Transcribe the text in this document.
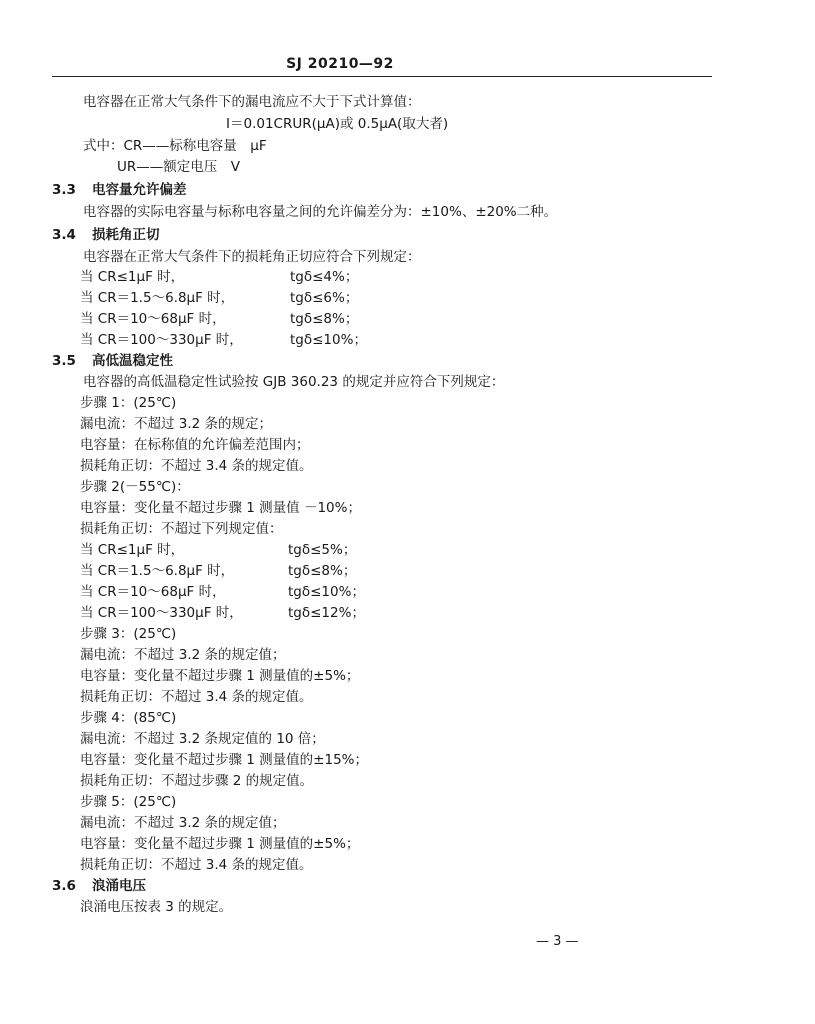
SJ 20210—92
电容器在正常大气条件下的漏电流应不大于下式计算值：
I＝0.01CRUR(μA)或 0.5μA(取大者)
式中：CR——标称电容量　μF
UR——额定电压　V
3.3 电容量允许偏差
电容器的实际电容量与标称电容量之间的允许偏差分为：±10%、±20%二种。
3.4 损耗角正切
电容器在正常大气条件下的损耗角正切应符合下列规定：
当 CR≤1μF 时，	tgδ≤4%；
当 CR＝1.5～6.8μF 时，	tgδ≤6%；
当 CR＝10～68μF 时，	tgδ≤8%；
当 CR＝100～330μF 时，	tgδ≤10%；
3.5 高低温稳定性
电容器的高低温稳定性试验按 GJB 360.23 的规定并应符合下列规定：
步骤 1：(25℃)
漏电流：不超过 3.2 条的规定；
电容量：在标称值的允许偏差范围内；
损耗角正切：不超过 3.4 条的规定值。
步骤 2(－55℃)：
电容量：变化量不超过步骤 1 测量值 －10%；
损耗角正切：不超过下列规定值：
当 CR≤1μF 时，	tgδ≤5%；
当 CR＝1.5～6.8μF 时，	tgδ≤8%；
当 CR＝10～68μF 时，	tgδ≤10%；
当 CR＝100～330μF 时，	tgδ≤12%；
步骤 3：(25℃)
漏电流：不超过 3.2 条的规定值；
电容量：变化量不超过步骤 1 测量值的±5%；
损耗角正切：不超过 3.4 条的规定值。
步骤 4：(85℃)
漏电流：不超过 3.2 条规定值的 10 倍；
电容量：变化量不超过步骤 1 测量值的±15%；
损耗角正切：不超过步骤 2 的规定值。
步骤 5：(25℃)
漏电流：不超过 3.2 条的规定值；
电容量：变化量不超过步骤 1 测量值的±5%；
损耗角正切：不超过 3.4 条的规定值。
3.6 浪涌电压
浪涌电压按表 3 的规定。
— 3 —
